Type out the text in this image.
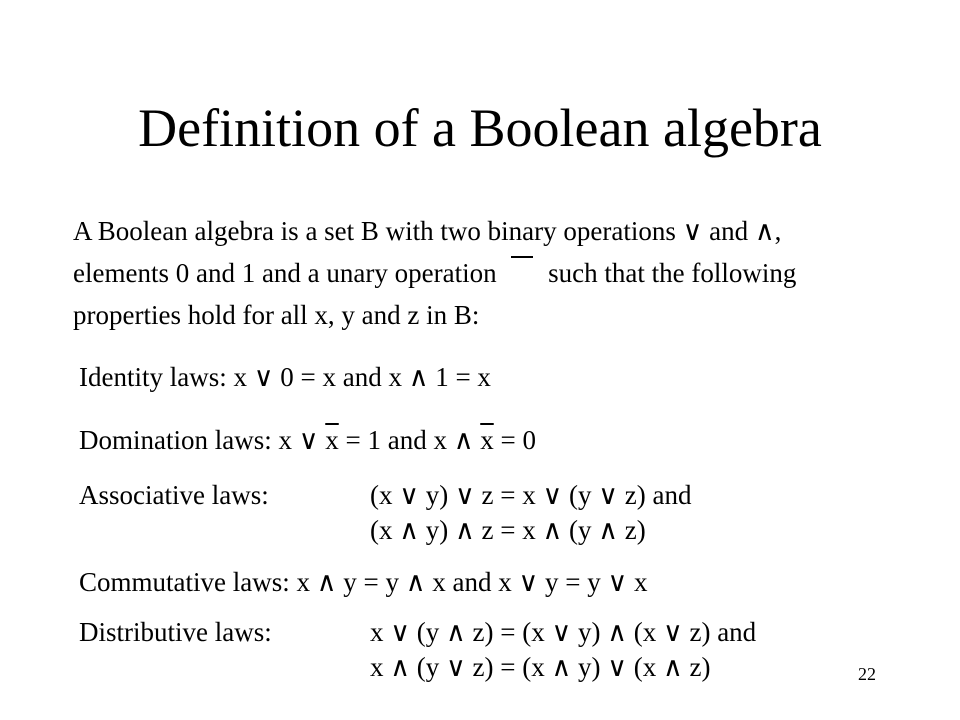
Definition of a Boolean algebra
A Boolean algebra is a set B with two binary operations ∨ and ∧,
elements 0 and 1 and a unary operation such that the following
properties hold for all x, y and z in B:
Identity laws: x ∨ 0 = x and x ∧ 1 = x
Domination laws: x ∨ $\overline{x} = 1$ and x ∧ $\overline{x} = 0$
Associative laws:	(x ∨ y) ∨ z = x ∨ (y ∨ z) and
(x ∧ y) ∧ z = x ∧ (y ∧ z)
Commutative laws: x ∧ y = y ∧ x and x ∨ y = y ∨ x
Distributive laws:	x ∨ (y ∧ z) = (x ∨ y) ∧ (x ∨ z) and
x ∧ (y ∨ z) = (x ∧ y) ∨ (x ∧ z)	22
